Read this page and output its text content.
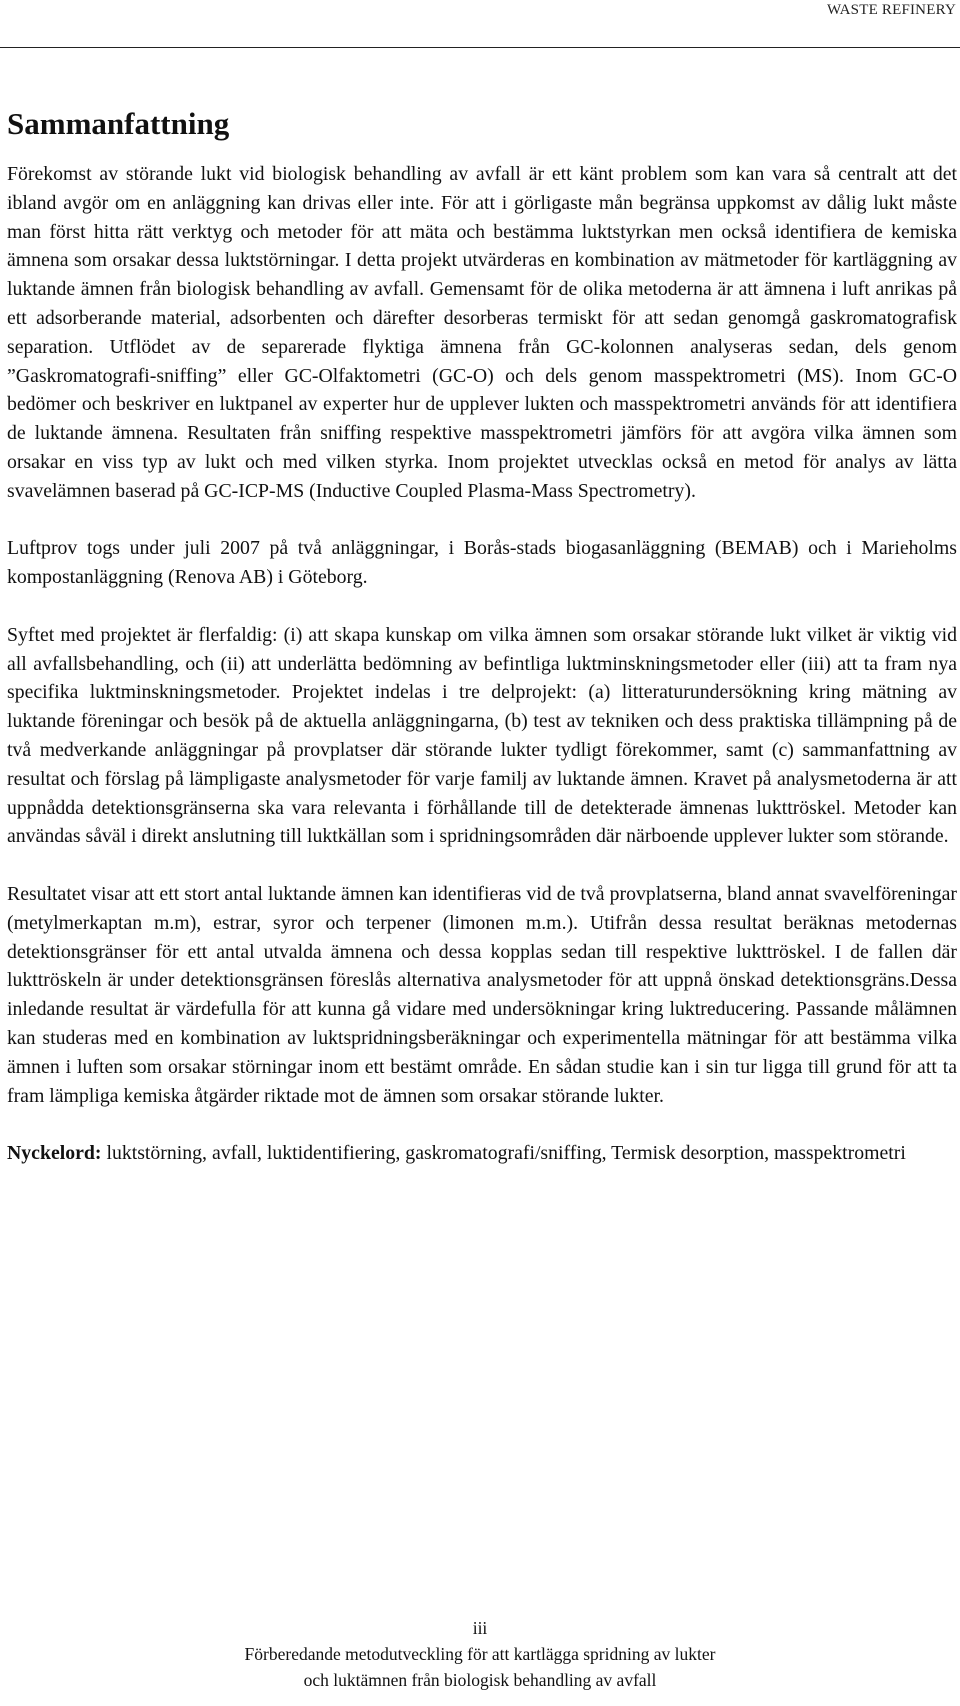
WASTE REFINERY
Sammanfattning

Förekomst av störande lukt vid biologisk behandling av avfall är ett känt problem som kan vara så centralt att det ibland avgör om en anläggning kan drivas eller inte. För att i görligaste mån begränsa uppkomst av dålig lukt måste man först hitta rätt verktyg och metoder för att mäta och bestämma luktstyrkan men också identifiera de kemiska ämnena som orsakar dessa luktstörningar. I detta projekt utvärderas en kombination av mätmetoder för kartläggning av luktande ämnen från biologisk behandling av avfall. Gemensamt för de olika metoderna är att ämnena i luft anrikas på ett adsorberande material, adsorbenten och därefter desorberas termiskt för att sedan genomgå gaskromatografisk separation. Utflödet av de separerade flyktiga ämnena från GC-kolonnen analyseras sedan, dels genom ”Gaskromatografi-sniffing” eller GC-Olfaktometri (GC-O) och dels genom masspektrometri (MS). Inom GC-O bedömer och beskriver en luktpanel av experter hur de upplever lukten och masspektrometri används för att identifiera de luktande ämnena. Resultaten från sniffing respektive masspektrometri jämförs för att avgöra vilka ämnen som orsakar en viss typ av lukt och med vilken styrka. Inom projektet utvecklas också en metod för analys av lätta svavelämnen baserad på GC-ICP-MS (Inductive Coupled Plasma-Mass Spectrometry).

Luftprov togs under juli 2007 på två anläggningar, i Borås-stads biogasanläggning (BEMAB) och i Marieholms kompostanläggning (Renova AB) i Göteborg.

Syftet med projektet är flerfaldig: (i) att skapa kunskap om vilka ämnen som orsakar störande lukt vilket är viktig vid all avfallsbehandling, och (ii) att underlätta bedömning av befintliga luktminskningsmetoder eller (iii) att ta fram nya specifika luktminskningsmetoder. Projektet indelas i tre delprojekt: (a) litteraturundersökning kring mätning av luktande föreningar och besök på de aktuella anläggningarna, (b) test av tekniken och dess praktiska tillämpning på de två medverkande anläggningar på provplatser där störande lukter tydligt förekommer, samt (c) sammanfattning av resultat och förslag på lämpligaste analysmetoder för varje familj av luktande ämnen. Kravet på analysmetoderna är att uppnådda detektionsgränserna ska vara relevanta i förhållande till de detekterade ämnenas lukttröskel. Metoder kan användas såväl i direkt anslutning till luktkällan som i spridningsområden där närboende upplever lukter som störande.

Resultatet visar att ett stort antal luktande ämnen kan identifieras vid de två provplatserna, bland annat svavelföreningar (metylmerkaptan m.m), estrar, syror och terpener (limonen m.m.). Utifrån dessa resultat beräknas metodernas detektionsgränser för ett antal utvalda ämnena och dessa kopplas sedan till respektive lukttröskel. I de fallen där lukttröskeln är under detektionsgränsen föreslås alternativa analysmetoder för att uppnå önskad detektionsgräns.Dessa inledande resultat är värdefulla för att kunna gå vidare med undersökningar kring luktreducering. Passande målämnen kan studeras med en kombination av luktspridningsberäkningar och experimentella mätningar för att bestämma vilka ämnen i luften som orsakar störningar inom ett bestämt område. En sådan studie kan i sin tur ligga till grund för att ta fram lämpliga kemiska åtgärder riktade mot de ämnen som orsakar störande lukter.

Nyckelord: luktstörning, avfall, luktidentifiering, gaskromatografi/sniffing, Termisk desorption, masspektrometri

iii
Förberedande metodutveckling för att kartlägga spridning av lukter
och luktämnen från biologisk behandling av avfall
